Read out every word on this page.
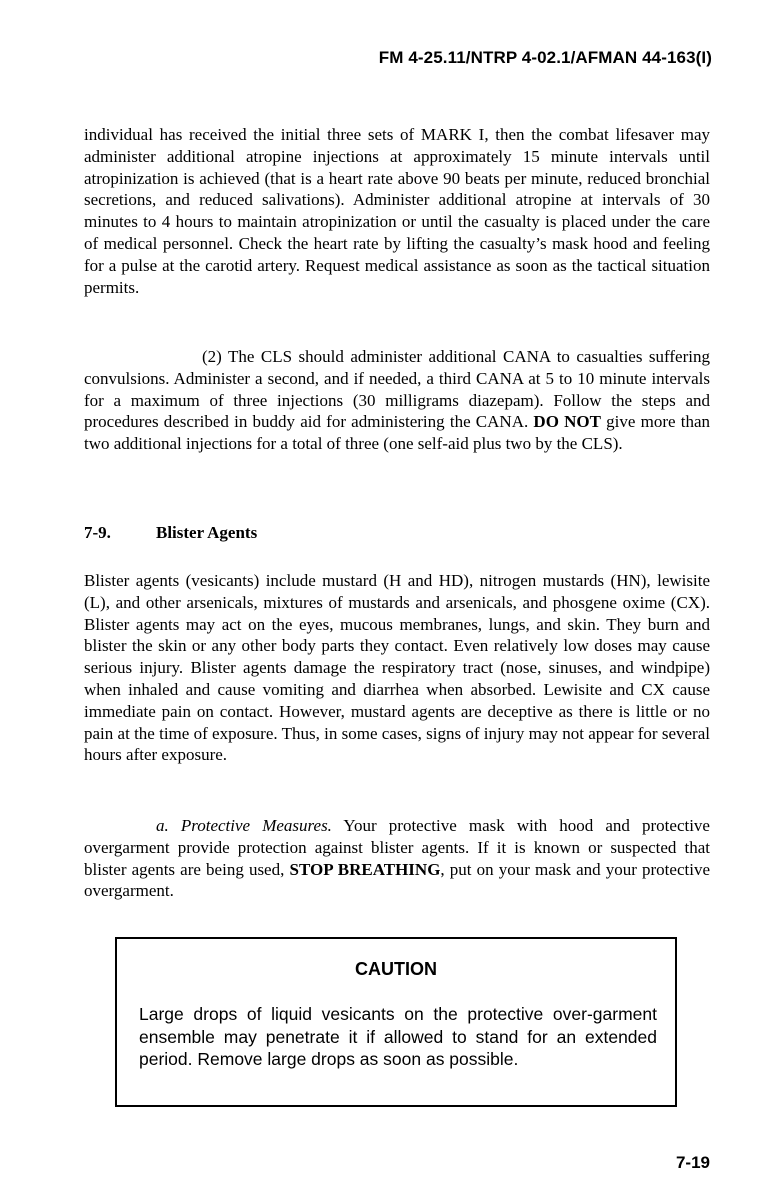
FM 4-25.11/NTRP 4-02.1/AFMAN 44-163(I)

individual has received the initial three sets of MARK I, then the combat lifesaver may administer additional atropine injections at approximately 15 minute intervals until atropinization is achieved (that is a heart rate above 90 beats per minute, reduced bronchial secretions, and reduced salivations). Administer additional atropine at intervals of 30 minutes to 4 hours to maintain atropinization or until the casualty is placed under the care of medical personnel. Check the heart rate by lifting the casualty’s mask hood and feeling for a pulse at the carotid artery. Request medical assistance as soon as the tactical situation permits.

(2) The CLS should administer additional CANA to casualties suffering convulsions. Administer a second, and if needed, a third CANA at 5 to 10 minute intervals for a maximum of three injections (30 milligrams diazepam). Follow the steps and procedures described in buddy aid for administering the CANA. DO NOT give more than two additional injections for a total of three (one self-aid plus two by the CLS).

7-9.	Blister Agents

Blister agents (vesicants) include mustard (H and HD), nitrogen mustards (HN), lewisite (L), and other arsenicals, mixtures of mustards and arsenicals, and phosgene oxime (CX). Blister agents may act on the eyes, mucous membranes, lungs, and skin. They burn and blister the skin or any other body parts they contact. Even relatively low doses may cause serious injury. Blister agents damage the respiratory tract (nose, sinuses, and windpipe) when inhaled and cause vomiting and diarrhea when absorbed. Lewisite and CX cause immediate pain on contact. However, mustard agents are deceptive as there is little or no pain at the time of exposure. Thus, in some cases, signs of injury may not appear for several hours after exposure.

a. Protective Measures. Your protective mask with hood and protective overgarment provide protection against blister agents. If it is known or suspected that blister agents are being used, STOP BREATHING, put on your mask and your protective overgarment.

CAUTION
Large drops of liquid vesicants on the protective over-garment ensemble may penetrate it if allowed to stand for an extended period. Remove large drops as soon as possible.
7-19
